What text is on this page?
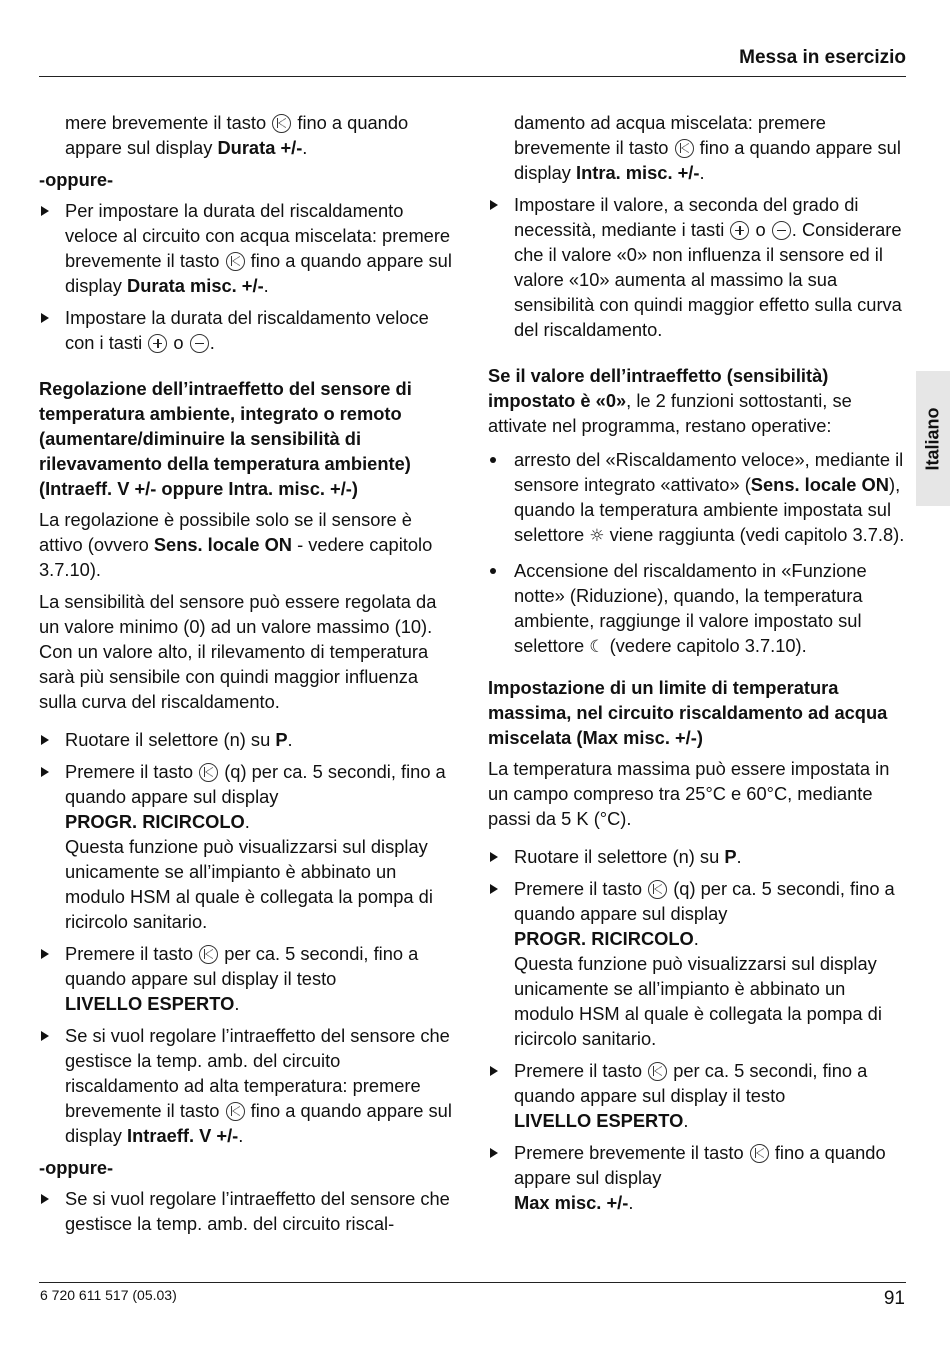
Messa in esercizio
Italiano

mere brevemente il tasto fino a quando appare sul display Durata +/-.

-oppure-
Per impostare la durata del riscaldamento veloce al circuito con acqua miscelata: premere brevemente il tasto fino a quando appare sul display Durata misc. +/-.
Impostare la durata del riscaldamento veloce con i tasti o .
Regolazione dell’intraeffetto del sensore di temperatura ambiente, integrato o remoto (aumentare/diminuire la sensibilità di rilevavamento della temperatura ambiente) (Intraeff. V +/- oppure Intra. misc. +/-)

La regolazione è possibile solo se il sensore è attivo (ovvero Sens. locale ON - vedere capitolo 3.7.10).

La sensibilità del sensore può essere regolata da un valore minimo (0) ad un valore massimo (10). Con un valore alto, il rilevamento di temperatura sarà più sensibile con quindi maggior influenza sulla curva del riscaldamento.

Ruotare il selettore (n) su P.
Premere il tasto (q) per ca. 5 secondi, fino a quando appare sul display
PROGR. RICIRCOLO.
Questa funzione può visualizzarsi sul display unicamente se all’impianto è abbinato un modulo HSM al quale è collegata la pompa di ricircolo sanitario.
Premere il tasto per ca. 5 secondi, fino a quando appare sul display il testo
LIVELLO ESPERTO.
Se si vuol regolare l’intraeffetto del sensore che gestisce la temp. amb. del circuito riscaldamento ad alta temperatura: premere brevemente il tasto fino a quando appare sul display Intraeff. V +/-.
-oppure-
Se si vuol regolare l’intraeffetto del sensore che gestisce la temp. amb. del circuito riscal-

damento ad acqua miscelata: premere brevemente il tasto fino a quando appare sul display Intra. misc. +/-.

Impostare il valore, a seconda del grado di necessità, mediante i tasti o . Considerare che il valore «0» non influenza il sensore ed il valore «10» aumenta al massimo la sua sensibilità con quindi maggior effetto sulla curva del riscaldamento.

Se il valore dell’intraeffetto (sensibilità) impostato è «0», le 2 funzioni sottostanti, se attivate nel programma, restano operative:

arresto del «Riscaldamento veloce», mediante il sensore integrato «attivato» (Sens. locale ON), quando la temperatura ambiente impostata sul selettore ☼ viene raggiunta (vedi capitolo 3.7.8).
Accensione del riscaldamento in «Funzione notte» (Riduzione), quando, la temperatura ambiente, raggiunge il valore impostato sul selettore ☾ (vedere capitolo 3.7.10).
Impostazione di un limite di temperatura massima, nel circuito riscaldamento ad acqua miscelata (Max misc. +/-)

La temperatura massima può essere impostata in un campo compreso tra 25°C e 60°C, mediante passi da 5 K (°C).

Ruotare il selettore (n) su P.
Premere il tasto (q) per ca. 5 secondi, fino a quando appare sul display
PROGR. RICIRCOLO.
Questa funzione può visualizzarsi sul display unicamente se all’impianto è abbinato un modulo HSM al quale è collegata la pompa di ricircolo sanitario.
Premere il tasto per ca. 5 secondi, fino a quando appare sul display il testo
LIVELLO ESPERTO.
Premere brevemente il tasto fino a quando appare sul display
Max misc. +/-.
6 720 611 517 (05.03)	91
